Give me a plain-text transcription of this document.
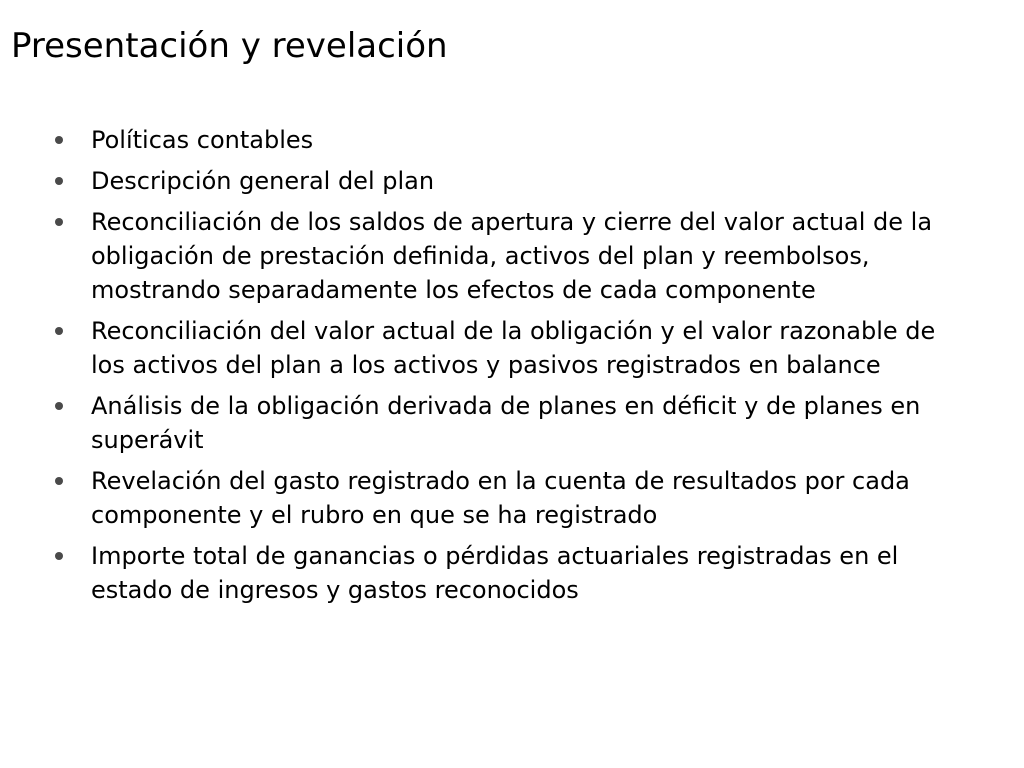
Presentación y revelación
Políticas contables
Descripción general del plan
Reconciliación de los saldos de apertura y cierre del valor actual de la obligación de prestación definida, activos del plan y reembolsos, mostrando separadamente los efectos de cada componente
Reconciliación del valor actual de la obligación y el valor razonable de los activos del plan a los activos y pasivos registrados en balance
Análisis de la obligación derivada de planes en déficit y de planes en superávit
Revelación del gasto registrado en la cuenta de resultados por cada componente y el rubro en que se ha registrado
Importe total de ganancias o pérdidas actuariales registradas en el estado de ingresos y gastos reconocidos
